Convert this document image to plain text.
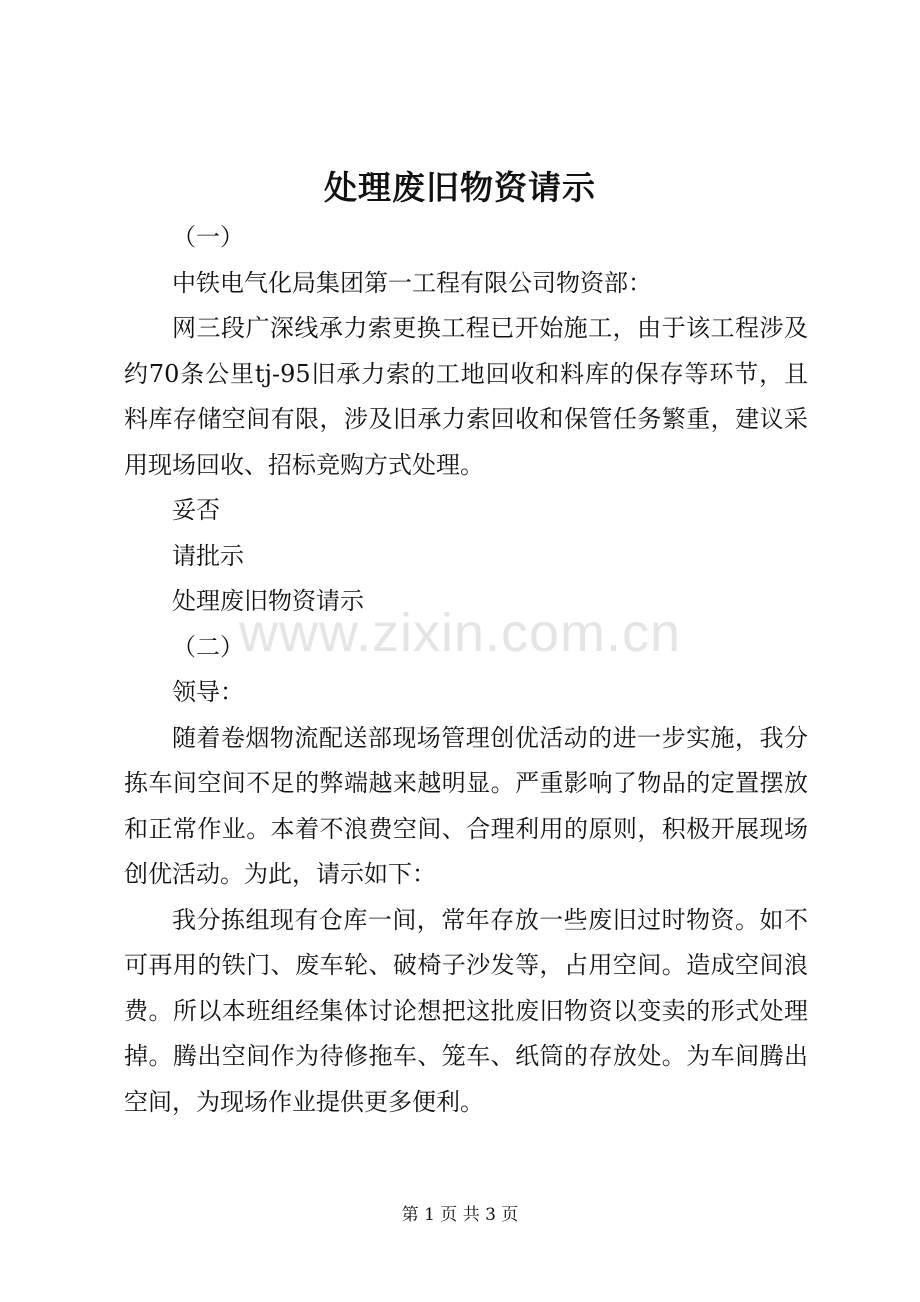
处理废旧物资请示

（一）

中铁电气化局集团第一工程有限公司物资部：

网三段广深线承力索更换工程已开始施工，由于该工程涉及约70条公里tj-95旧承力索的工地回收和料库的保存等环节，且料库存储空间有限，涉及旧承力索回收和保管任务繁重，建议采用现场回收、招标竞购方式处理。

妥否

请批示

处理废旧物资请示

（二）

领导：

随着卷烟物流配送部现场管理创优活动的进一步实施，我分拣车间空间不足的弊端越来越明显。严重影响了物品的定置摆放和正常作业。本着不浪费空间、合理利用的原则，积极开展现场创优活动。为此，请示如下：

我分拣组现有仓库一间，常年存放一些废旧过时物资。如不可再用的铁门、废车轮、破椅子沙发等，占用空间。造成空间浪费。所以本班组经集体讨论想把这批废旧物资以变卖的形式处理掉。腾出空间作为待修拖车、笼车、纸筒的存放处。为车间腾出空间，为现场作业提供更多便利。

www.zixin.com.cn
第 1 页 共 3 页
